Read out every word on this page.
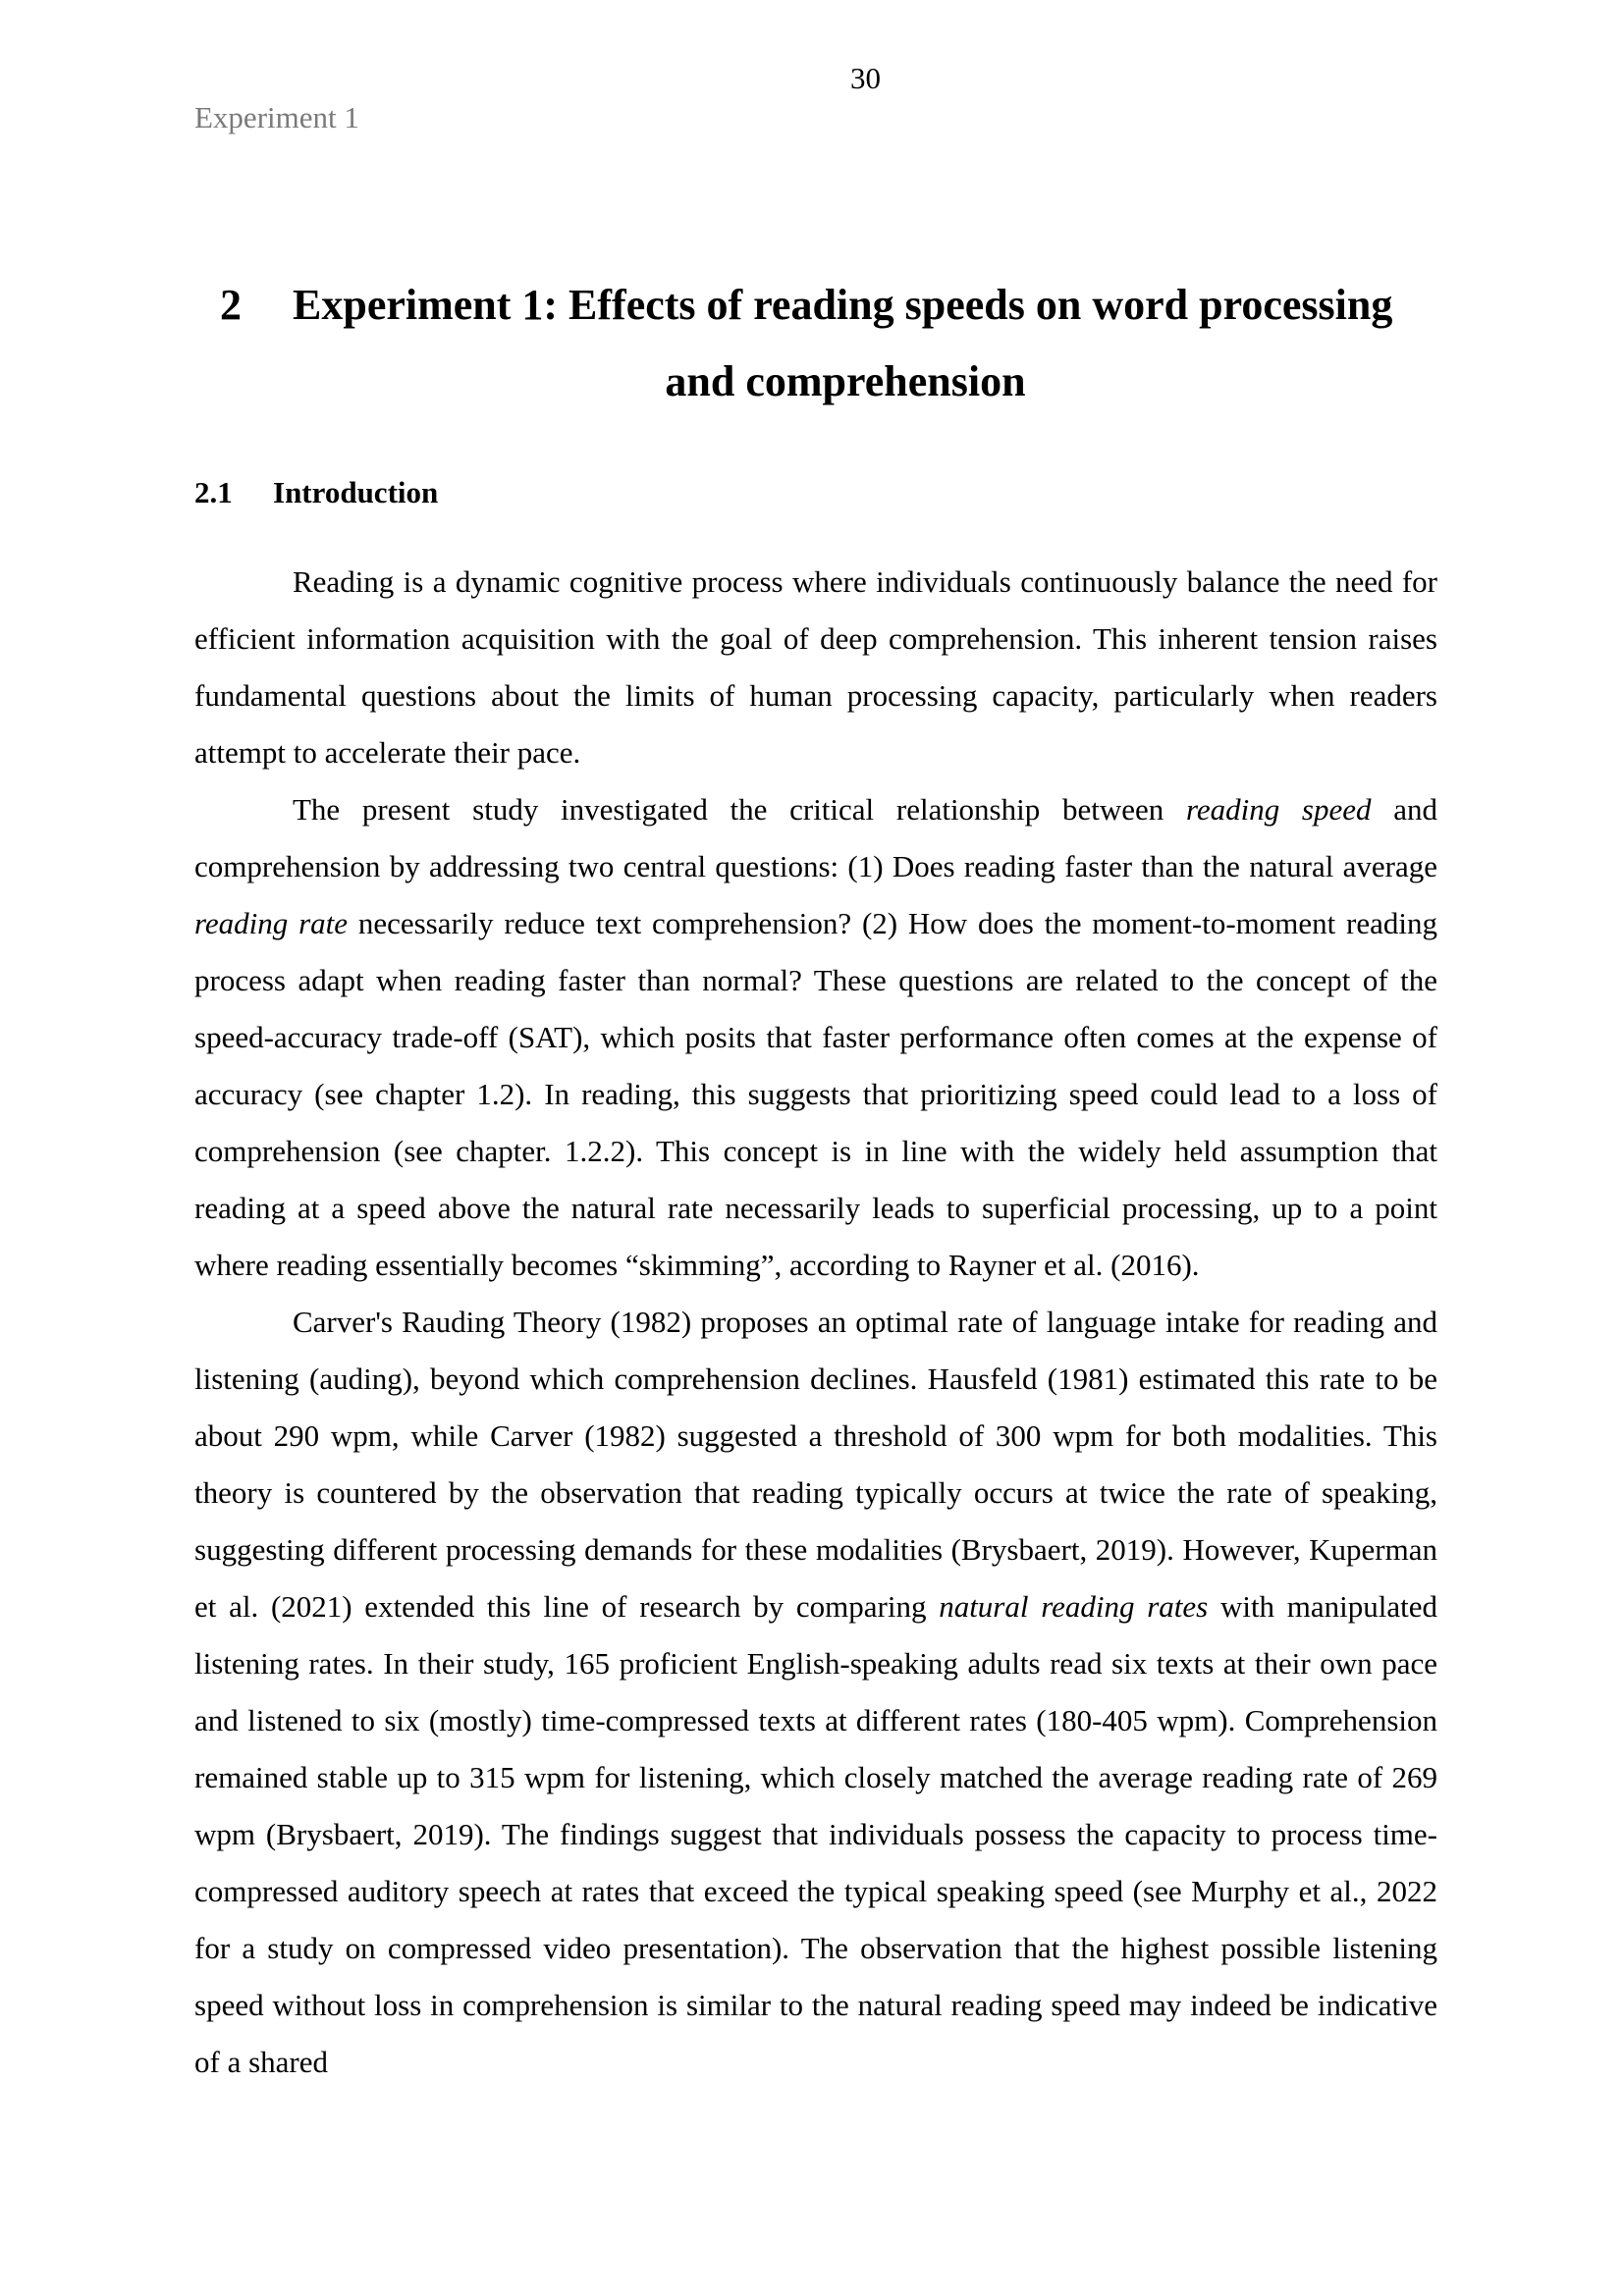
30
Experiment 1
2 Experiment 1: Effects of reading speeds on word processing
and comprehension
2.1 Introduction

Reading is a dynamic cognitive process where individuals continuously balance the need for efficient information acquisition with the goal of deep comprehension. This inherent tension raises fundamental questions about the limits of human processing capacity, particularly when readers attempt to accelerate their pace.

The present study investigated the critical relationship between reading speed and comprehension by addressing two central questions: (1) Does reading faster than the natural average reading rate necessarily reduce text comprehension? (2) How does the moment-to-moment reading process adapt when reading faster than normal? These questions are related to the concept of the speed-accuracy trade-off (SAT), which posits that faster performance often comes at the expense of accuracy (see chapter 1.2). In reading, this suggests that prioritizing speed could lead to a loss of comprehension (see chapter. 1.2.2). This concept is in line with the widely held assumption that reading at a speed above the natural rate necessarily leads to superficial processing, up to a point where reading essentially becomes “skimming”, according to Rayner et al. (2016).

Carver's Rauding Theory (1982) proposes an optimal rate of language intake for reading and listening (auding), beyond which comprehension declines. Hausfeld (1981) estimated this rate to be about 290 wpm, while Carver (1982) suggested a threshold of 300 wpm for both modalities. This theory is countered by the observation that reading typically occurs at twice the rate of speaking, suggesting different processing demands for these modalities (Brysbaert, 2019). However, Kuperman et al. (2021) extended this line of research by comparing natural reading rates with manipulated listening rates. In their study, 165 proficient English-speaking adults read six texts at their own pace and listened to six (mostly) time-compressed texts at different rates (180-405 wpm). Comprehension remained stable up to 315 wpm for listening, which closely matched the average reading rate of 269 wpm (Brysbaert, 2019). The findings suggest that individuals possess the capacity to process time-compressed auditory speech at rates that exceed the typical speaking speed (see Murphy et al., 2022 for a study on compressed video presentation). The observation that the highest possible listening speed without loss in comprehension is similar to the natural reading speed may indeed be indicative of a shared
